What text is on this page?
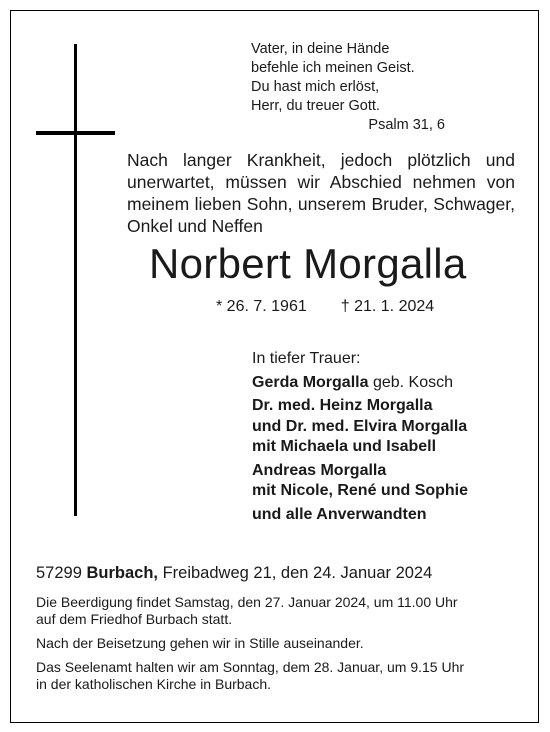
Vater, in deine Hände
befehle ich meinen Geist.
Du hast mich erlöst,
Herr, du treuer Gott.
Psalm 31, 6
Nach langer Krankheit, jedoch plötzlich und
unerwartet, müssen wir Abschied nehmen von
meinem lieben Sohn, unserem Bruder, Schwager,
Onkel und Neffen
Norbert Morgalla
* 26. 7. 1961 † 21. 1. 2024
In tiefer Trauer:
Gerda Morgalla geb. Kosch
Dr. med. Heinz Morgalla
und Dr. med. Elvira Morgalla
mit Michaela und Isabell
Andreas Morgalla
mit Nicole, René und Sophie
und alle Anverwandten
57299 Burbach, Freibadweg 21, den 24. Januar 2024
Die Beerdigung findet Samstag, den 27. Januar 2024, um 11.00 Uhr
auf dem Friedhof Burbach statt.
Nach der Beisetzung gehen wir in Stille auseinander.
Das Seelenamt halten wir am Sonntag, dem 28. Januar, um 9.15 Uhr
in der katholischen Kirche in Burbach.
